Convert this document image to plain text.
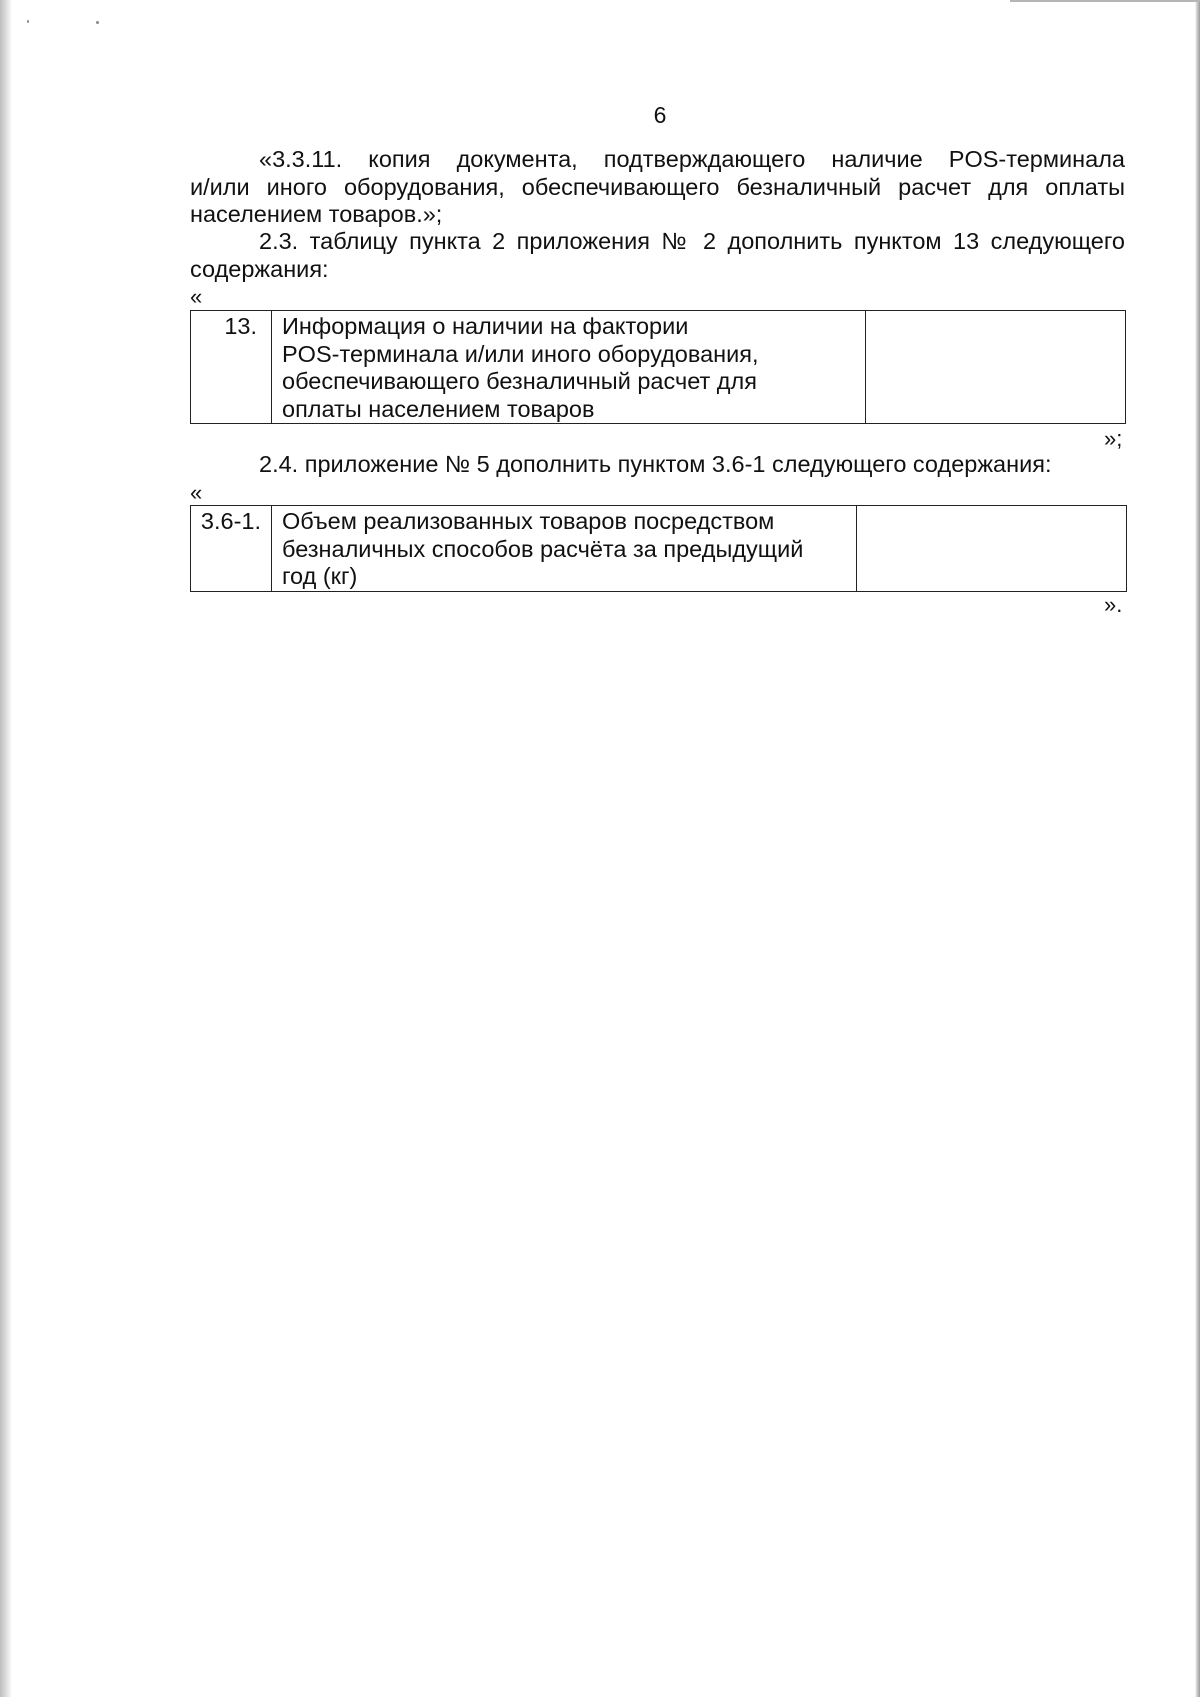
6
«3.3.11. копия документа, подтверждающего наличие POS-терминала
и/или иного оборудования, обеспечивающего безналичный расчет для оплаты
населением товаров.»;
2.3. таблицу пункта 2 приложения № 2 дополнить пунктом 13 следующего
содержания:
«
13.	Информация о наличии на фактории
POS-терминала и/или иного оборудования,
обеспечивающего безналичный расчет для
оплаты населением товаров

»;
2.4. приложение № 5 дополнить пунктом 3.6-1 следующего содержания:
«
3.6-1.	Объем реализованных товаров посредством
безналичных способов расчёта за предыдущий
год (кг)

».
